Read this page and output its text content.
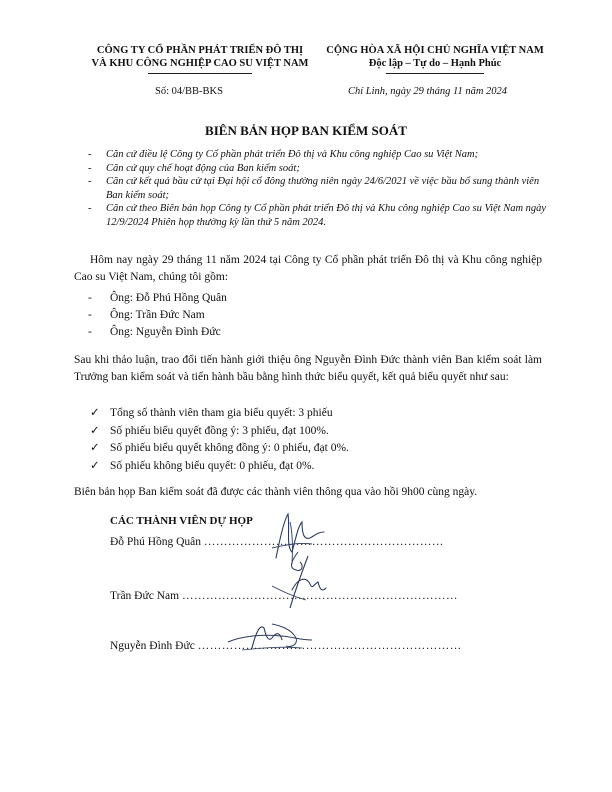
CÔNG TY CỔ PHẦN PHÁT TRIỂN ĐÔ THỊ
VÀ KHU CÔNG NGHIỆP CAO SU VIỆT NAM
CỘNG HÒA XÃ HỘI CHỦ NGHĨA VIỆT NAM
Độc lập – Tự do – Hạnh Phúc
Số: 04/BB-BKS	Chí Linh, ngày 29 tháng 11 năm 2024
BIÊN BẢN HỌP BAN KIỂM SOÁT
- Căn cứ điều lệ Công ty Cổ phần phát triển Đô thị và Khu công nghiệp Cao su Việt Nam;
- Căn cứ quy chế hoạt động của Ban kiểm soát;
- Căn cứ kết quả bầu cử tại Đại hội cổ đông thường niên ngày 24/6/2021 về việc bầu bổ sung thành viên Ban kiểm soát;
- Căn cứ theo Biên bản họp Công ty Cổ phần phát triển Đô thị và Khu công nghiệp Cao su Việt Nam ngày 12/9/2024 Phiên họp thường kỳ lần thứ 5 năm 2024.
Hôm nay ngày 29 tháng 11 năm 2024 tại Công ty Cổ phần phát triển Đô thị và Khu công nghiệp Cao su Việt Nam, chúng tôi gồm:
- Ông: Đỗ Phú Hồng Quân
- Ông: Trần Đức Nam
- Ông: Nguyễn Đình Đức
Sau khi thảo luận, trao đổi tiến hành giới thiệu ông Nguyễn Đình Đức thành viên Ban kiểm soát làm Trưởng ban kiểm soát và tiến hành bầu bằng hình thức biểu quyết, kết quả biểu quyết như sau:
✓ Tổng số thành viên tham gia biểu quyết: 3 phiếu
✓ Số phiếu biểu quyết đồng ý: 3 phiếu, đạt 100%.
✓ Số phiếu biểu quyết không đồng ý: 0 phiếu, đạt 0%.
✓ Số phiếu không biểu quyết: 0 phiếu, đạt 0%.
Biên bản họp Ban kiểm soát đã được các thành viên thông qua vào hồi 9h00 cùng ngày.
CÁC THÀNH VIÊN DỰ HỌP
Đỗ Phú Hồng Quân ……………………………………………………
Trần Đức Nam ……………………………………………………………
Nguyễn Đình Đức …………………………………………………………
